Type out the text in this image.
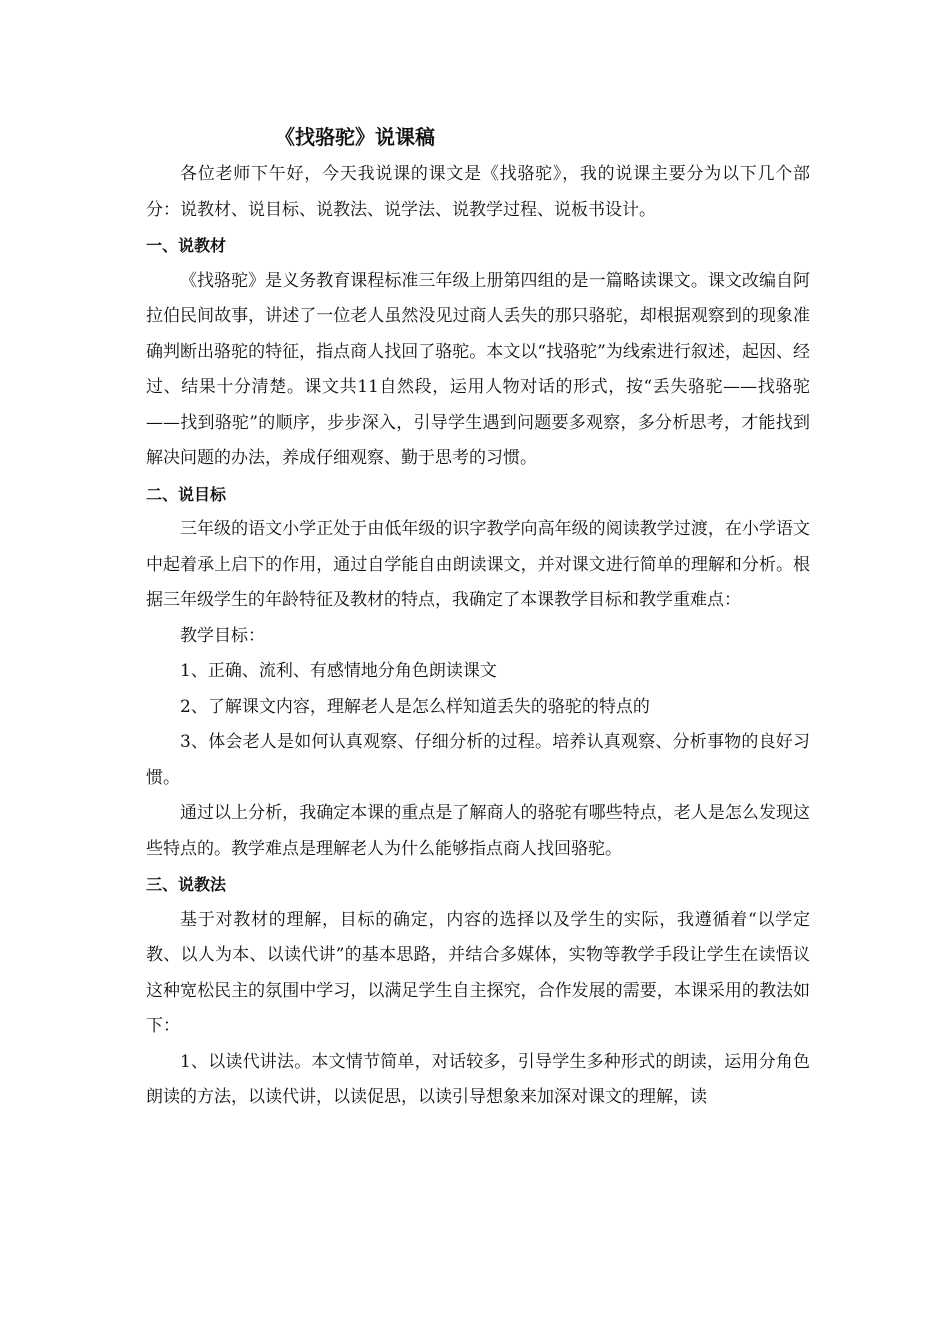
《找骆驼》说课稿

各位老师下午好，今天我说课的课文是《找骆驼》，我的说课主要分为以下几个部分：说教材、说目标、说教法、说学法、说教学过程、说板书设计。

一、说教材

《找骆驼》是义务教育课程标准三年级上册第四组的是一篇略读课文。课文改编自阿拉伯民间故事，讲述了一位老人虽然没见过商人丢失的那只骆驼，却根据观察到的现象准确判断出骆驼的特征，指点商人找回了骆驼。本文以“找骆驼”为线索进行叙述，起因、经过、结果十分清楚。课文共11自然段，运用人物对话的形式，按“丢失骆驼——找骆驼——找到骆驼”的顺序，步步深入，引导学生遇到问题要多观察，多分析思考，才能找到解决问题的办法，养成仔细观察、勤于思考的习惯。

二、说目标

三年级的语文小学正处于由低年级的识字教学向高年级的阅读教学过渡，在小学语文中起着承上启下的作用，通过自学能自由朗读课文，并对课文进行简单的理解和分析。根据三年级学生的年龄特征及教材的特点，我确定了本课教学目标和教学重难点：

教学目标：

1、正确、流利、有感情地分角色朗读课文

2、了解课文内容，理解老人是怎么样知道丢失的骆驼的特点的

3、体会老人是如何认真观察、仔细分析的过程。培养认真观察、分析事物的良好习惯。

通过以上分析，我确定本课的重点是了解商人的骆驼有哪些特点，老人是怎么发现这些特点的。教学难点是理解老人为什么能够指点商人找回骆驼。

三、说教法

基于对教材的理解，目标的确定，内容的选择以及学生的实际，我遵循着“以学定教、以人为本、以读代讲”的基本思路，并结合多媒体，实物等教学手段让学生在读悟议这种宽松民主的氛围中学习，以满足学生自主探究，合作发展的需要，本课采用的教法如下：

1、以读代讲法。本文情节简单，对话较多，引导学生多种形式的朗读，运用分角色朗读的方法，以读代讲，以读促思，以读引导想象来加深对课文的理解，读
